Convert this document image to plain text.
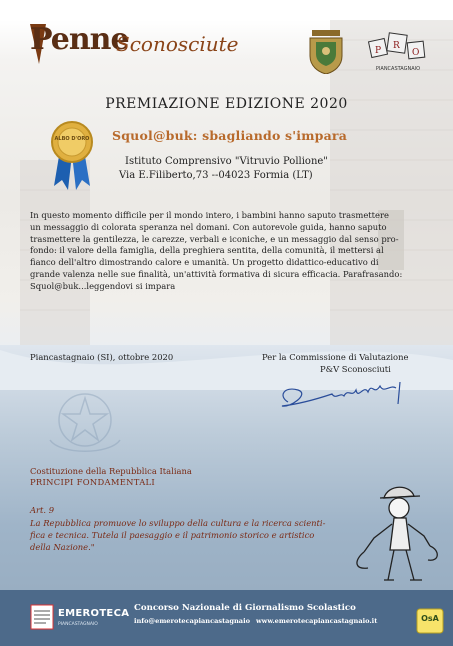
Penne
Sconosciute	P R
O
PIANCASTAGNAIO
PREMIAZIONE EDIZIONE 2020
ALBO D'ORO Squol@buk: sbagliando s'impara
Istituto Comprensivo "Vitruvio Pollione"
Via E.Filiberto,73 --04023 Formia (LT)
In questo momento difficile per il mondo intero, i bambini hanno saputo trasmettere
un messaggio di colorata speranza nel domani. Con autorevole guida, hanno saputo
trasmettere la gentilezza, le carezze, verbali e iconiche, e un messaggio dal senso pro-
fondo: il valore della famiglia, della preghiera sentita, della comunità, il mettersi al
fianco dell'altro dimostrando calore e umanità. Un progetto didattico-educativo di
grande valenza nelle sue finalità, un'attività formativa di sicura efficacia. Parafrasando:
Squol@buk...leggendovi si impara
Piancastagnaio (SI), ottobre 2020	Per la Commissione di Valutazione
P&V Sconosciuti
Costituzione della Repubblica Italiana
PRINCIPI FONDAMENTALI
Art. 9
La Repubblica promuove lo sviluppo della cultura e la ricerca scienti-
fica e tecnica. Tutela il paesaggio e il patrimonio storico e artistico
della Nazione."
EMEROTECA
PIANCASTAGNAIO
Concorso Nazionale di Giornalismo Scolastico
info@emerotecapiancastagnaio www.emerotecapiancastagnaio.it	OsA
